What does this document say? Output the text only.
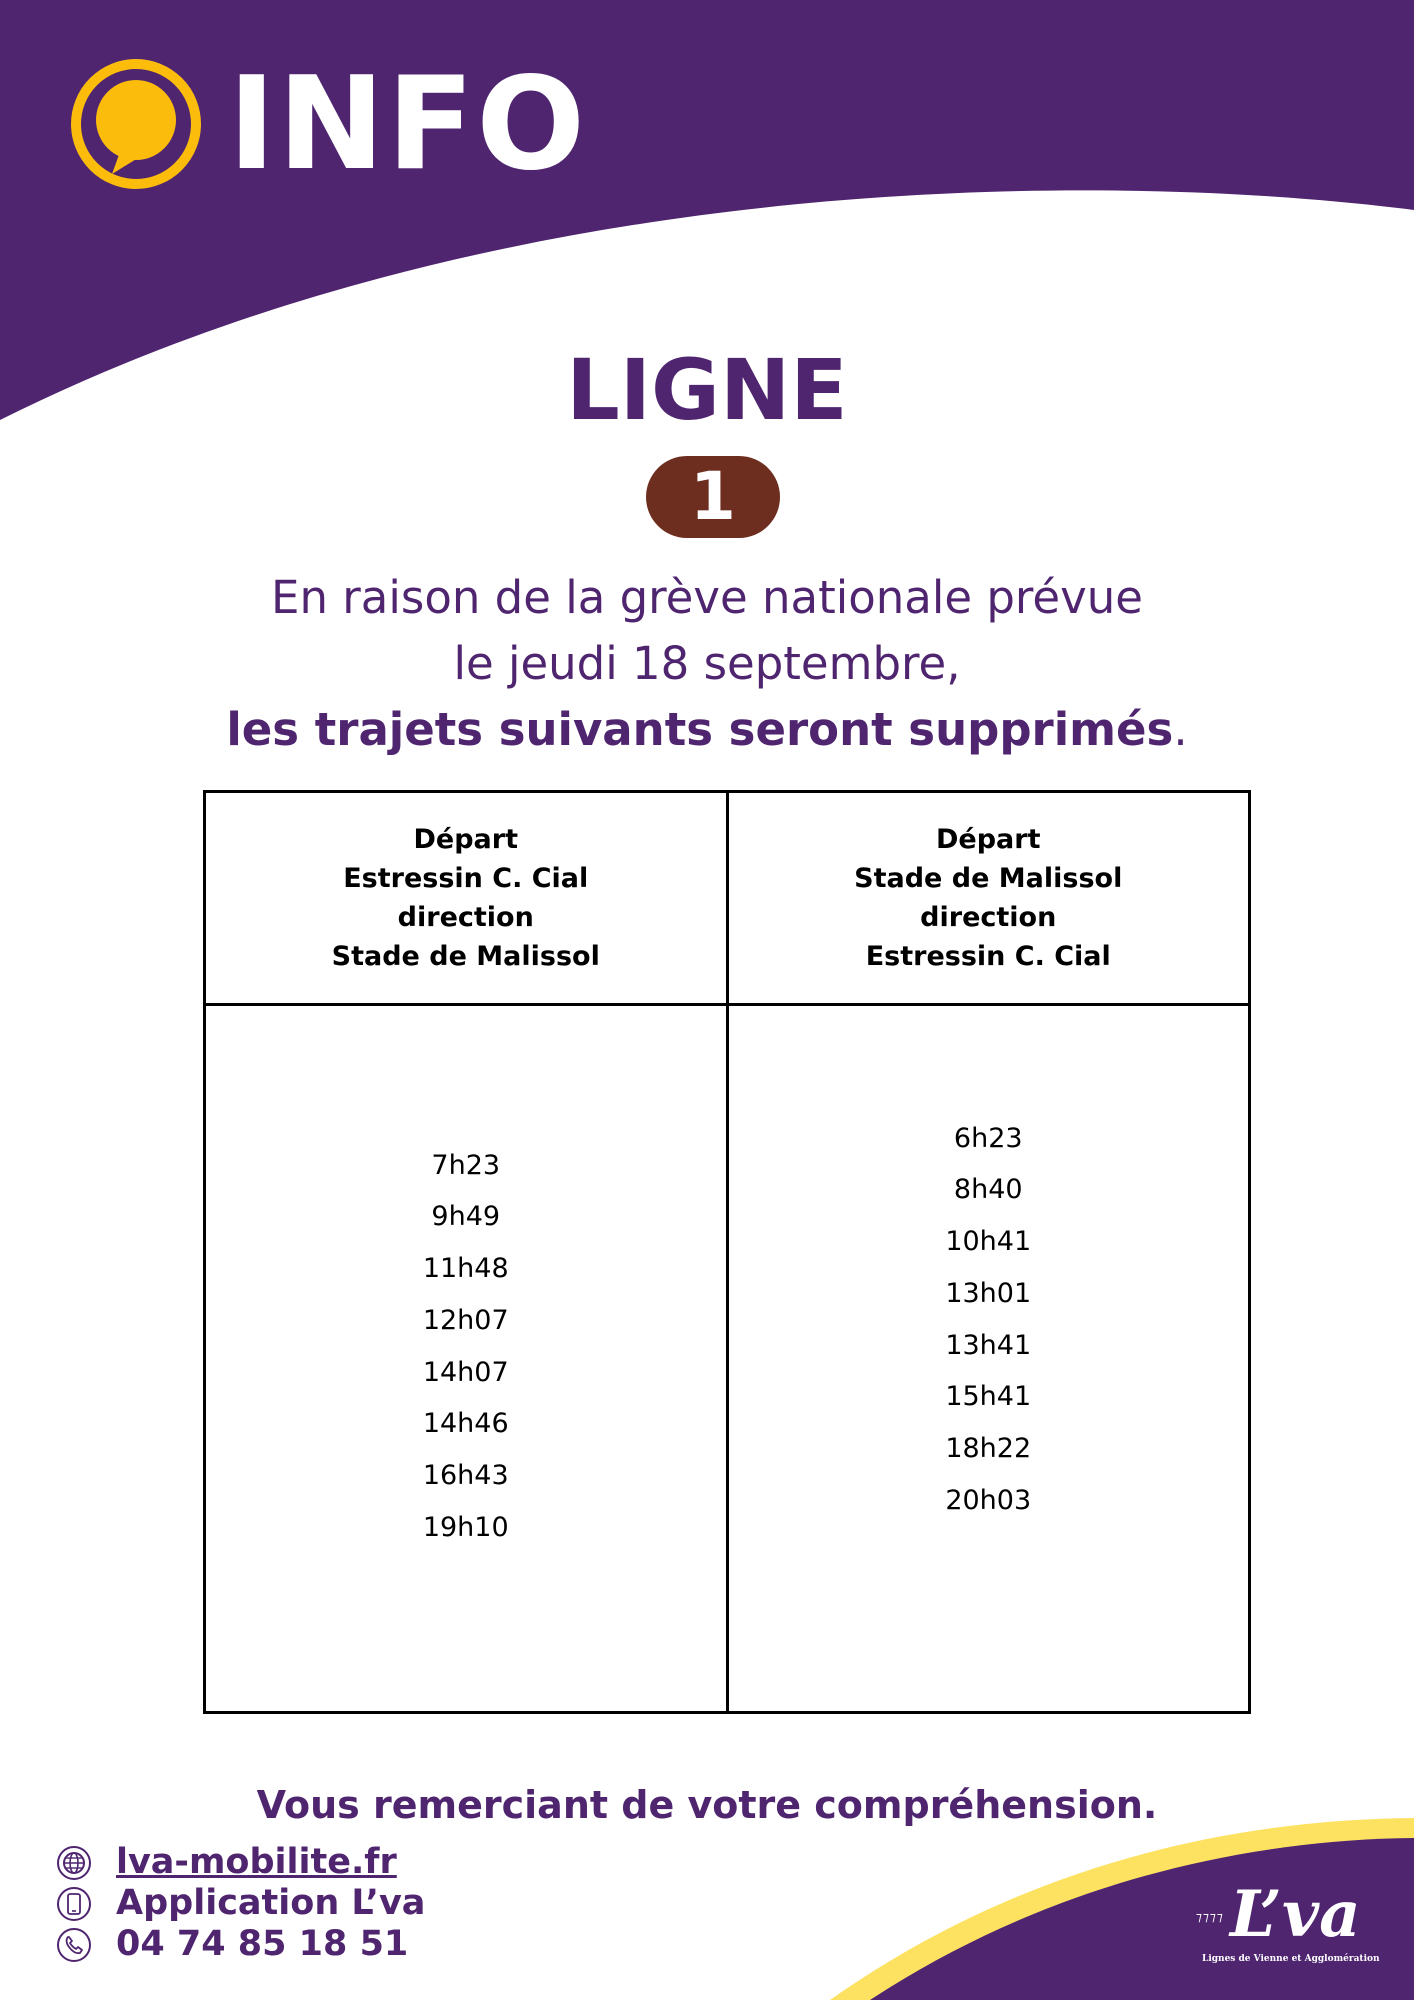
INFO
LIGNE
1

En raison de la grève nationale prévue

le jeudi 18 septembre,

les trajets suivants seront supprimés.

Départ
Estressin C. Cial
direction
Stade de Malissol
Départ
Stade de Malissol
direction
Estressin C. Cial
7h23
9h49
11h48
12h07
14h07
14h46
16h43
19h10
6h23
8h40
10h41
13h01
13h41
15h41
18h22
20h03

Vous remerciant de votre compréhension.

lva-mobilite.fr
Application L’va
04 74 85 18 51
⁊⁊⁊⁊ L’va
Lignes de Vienne et Agglomération
